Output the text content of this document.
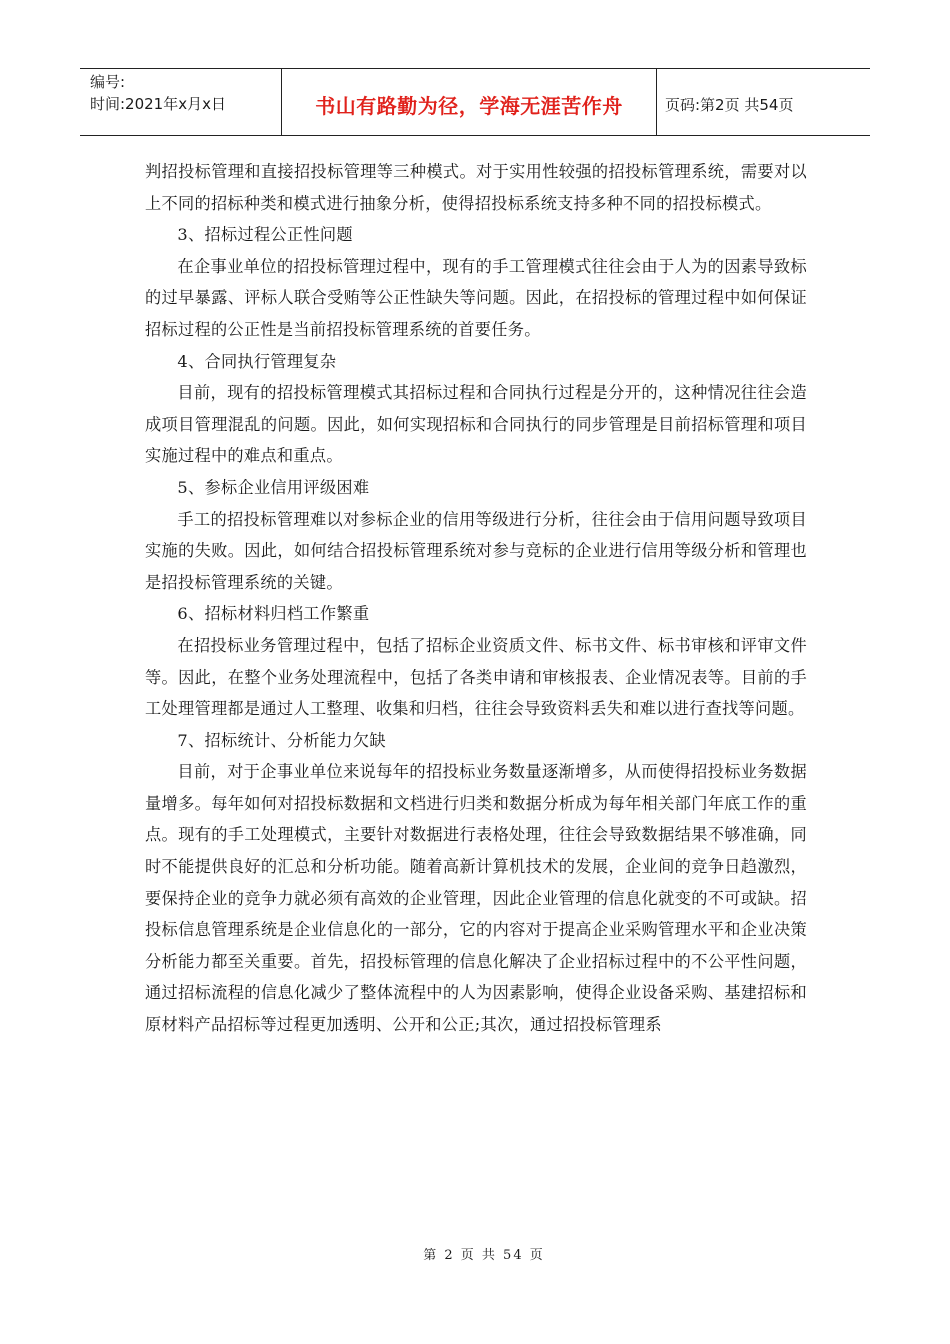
编号:
时间:2021年x月x日	书山有路勤为径，学海无涯苦作舟	页码:第2页 共54页

判招投标管理和直接招投标管理等三种模式。对于实用性较强的招投标管理系统，需要对以上不同的招标种类和模式进行抽象分析，使得招投标系统支持多种不同的招投标模式。

3、招标过程公正性问题

在企事业单位的招投标管理过程中，现有的手工管理模式往往会由于人为的因素导致标的过早暴露、评标人联合受贿等公正性缺失等问题。因此，在招投标的管理过程中如何保证招标过程的公正性是当前招投标管理系统的首要任务。

4、合同执行管理复杂

目前，现有的招投标管理模式其招标过程和合同执行过程是分开的，这种情况往往会造成项目管理混乱的问题。因此，如何实现招标和合同执行的同步管理是目前招标管理和项目实施过程中的难点和重点。

5、参标企业信用评级困难

手工的招投标管理难以对参标企业的信用等级进行分析，往往会由于信用问题导致项目实施的失败。因此，如何结合招投标管理系统对参与竞标的企业进行信用等级分析和管理也是招投标管理系统的关键。

6、招标材料归档工作繁重

在招投标业务管理过程中，包括了招标企业资质文件、标书文件、标书审核和评审文件等。因此，在整个业务处理流程中，包括了各类申请和审核报表、企业情况表等。目前的手工处理管理都是通过人工整理、收集和归档，往往会导致资料丢失和难以进行查找等问题。

7、招标统计、分析能力欠缺

目前，对于企事业单位来说每年的招投标业务数量逐渐增多，从而使得招投标业务数据量增多。每年如何对招投标数据和文档进行归类和数据分析成为每年相关部门年底工作的重点。现有的手工处理模式，主要针对数据进行表格处理，往往会导致数据结果不够准确，同时不能提供良好的汇总和分析功能。随着高新计算机技术的发展，企业间的竞争日趋激烈，要保持企业的竞争力就必须有高效的企业管理，因此企业管理的信息化就变的不可或缺。招投标信息管理系统是企业信息化的一部分，它的内容对于提高企业采购管理水平和企业决策分析能力都至关重要。首先，招投标管理的信息化解决了企业招标过程中的不公平性问题，通过招标流程的信息化减少了整体流程中的人为因素影响，使得企业设备采购、基建招标和原材料产品招标等过程更加透明、公开和公正;其次，通过招投标管理系

第 2 页 共 54 页
